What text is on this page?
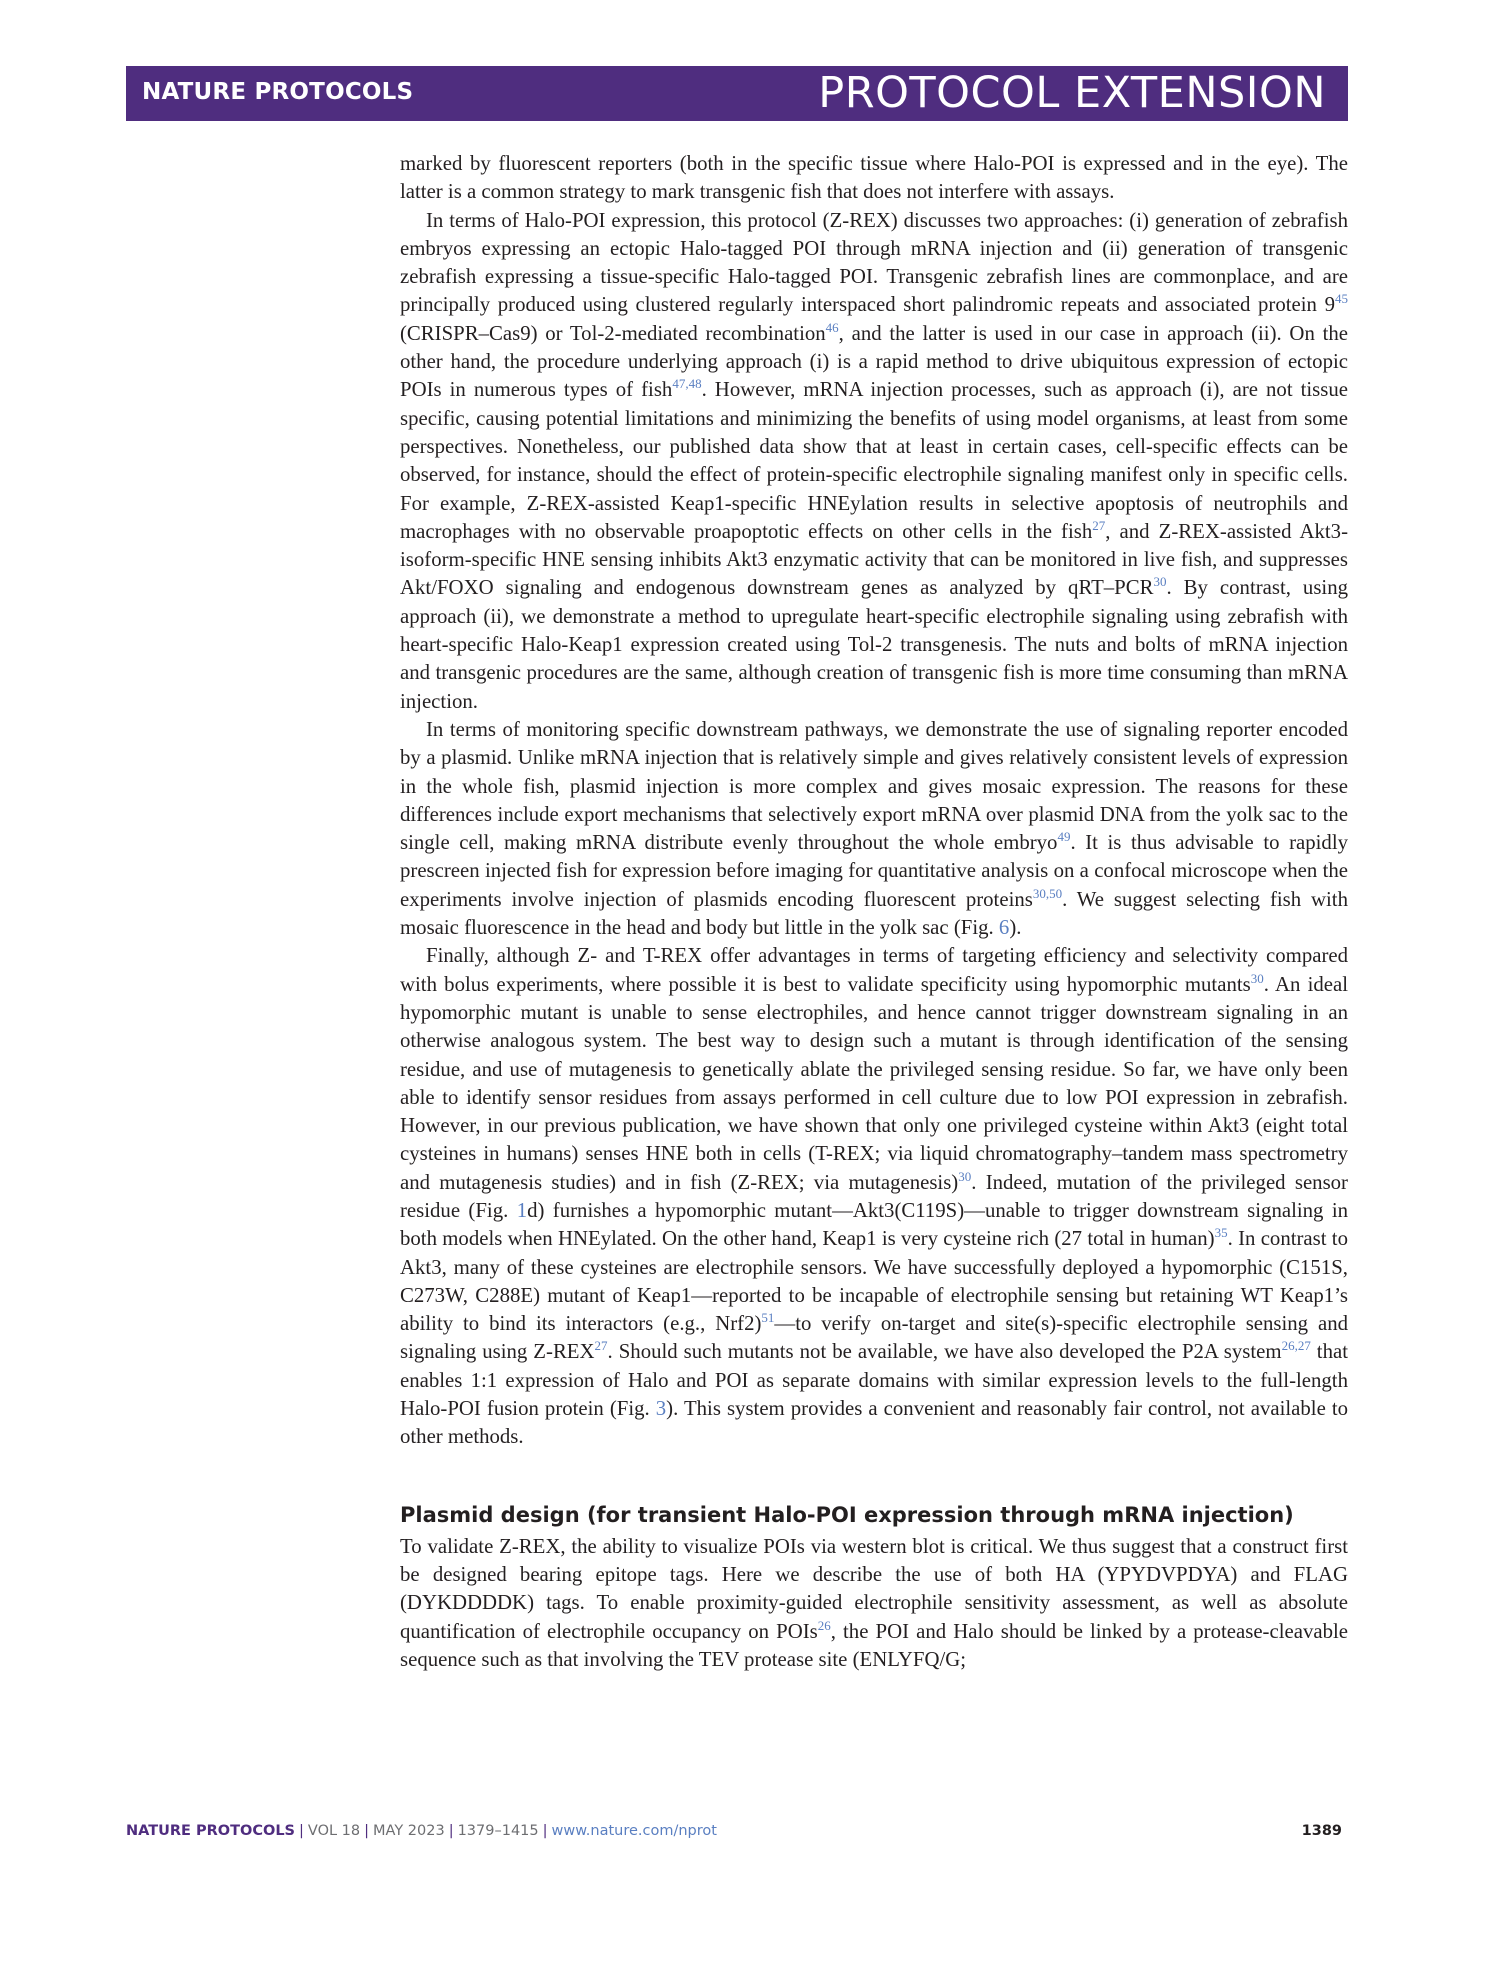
NATURE PROTOCOLS	PROTOCOL EXTENSION

marked by fluorescent reporters (both in the specific tissue where Halo-POI is expressed and in the eye). The latter is a common strategy to mark transgenic fish that does not interfere with assays.

In terms of Halo-POI expression, this protocol (Z-REX) discusses two approaches: (i) generation of zebrafish embryos expressing an ectopic Halo-tagged POI through mRNA injection and (ii) generation of transgenic zebrafish expressing a tissue-specific Halo-tagged POI. Transgenic zebrafish lines are commonplace, and are principally produced using clustered regularly interspaced short palindromic repeats and associated protein $9^{45}$ (CRISPR–Cas9) or Tol-2-mediated recombination$^{46}$, and the latter is used in our case in approach (ii). On the other hand, the procedure underlying approach (i) is a rapid method to drive ubiquitous expression of ectopic POIs in numerous types of fish$^{47,48}$. However, mRNA injection processes, such as approach (i), are not tissue specific, causing potential limitations and minimizing the benefits of using model organisms, at least from some perspectives. Nonetheless, our published data show that at least in certain cases, cell-specific effects can be observed, for instance, should the effect of protein-specific electrophile signaling manifest only in specific cells. For example, Z-REX-assisted Keap1-specific HNEylation results in selective apoptosis of neutrophils and macrophages with no observable proapoptotic effects on other cells in the fish$^{27}$, and Z-REX-assisted Akt3-isoform-specific HNE sensing inhibits Akt3 enzymatic activity that can be monitored in live fish, and suppresses Akt/FOXO signaling and endogenous downstream genes as analyzed by qRT–PCR$^{30}$. By contrast, using approach (ii), we demonstrate a method to upregulate heart-specific electrophile signaling using zebrafish with heart-specific Halo-Keap1 expression created using Tol-2 transgenesis. The nuts and bolts of mRNA injection and transgenic procedures are the same, although creation of transgenic fish is more time consuming than mRNA injection.

In terms of monitoring specific downstream pathways, we demonstrate the use of signaling reporter encoded by a plasmid. Unlike mRNA injection that is relatively simple and gives relatively consistent levels of expression in the whole fish, plasmid injection is more complex and gives mosaic expression. The reasons for these differences include export mechanisms that selectively export mRNA over plasmid DNA from the yolk sac to the single cell, making mRNA distribute evenly throughout the whole embryo$^{49}$. It is thus advisable to rapidly prescreen injected fish for expression before imaging for quantitative analysis on a confocal microscope when the experiments involve injection of plasmids encoding fluorescent proteins$^{30,50}$. We suggest selecting fish with mosaic fluorescence in the head and body but little in the yolk sac (Fig. 6).

Finally, although Z- and T-REX offer advantages in terms of targeting efficiency and selectivity compared with bolus experiments, where possible it is best to validate specificity using hypomorphic mutants$^{30}$. An ideal hypomorphic mutant is unable to sense electrophiles, and hence cannot trigger downstream signaling in an otherwise analogous system. The best way to design such a mutant is through identification of the sensing residue, and use of mutagenesis to genetically ablate the privileged sensing residue. So far, we have only been able to identify sensor residues from assays performed in cell culture due to low POI expression in zebrafish. However, in our previous publication, we have shown that only one privileged cysteine within Akt3 (eight total cysteines in humans) senses HNE both in cells (T-REX; via liquid chromatography–tandem mass spectrometry and mutagenesis studies) and in fish (Z-REX; via mutagenesis)$^{30}$. Indeed, mutation of the privileged sensor residue (Fig. 1d) furnishes a hypomorphic mutant—Akt3(C119S)—unable to trigger downstream signaling in both models when HNEylated. On the other hand, Keap1 is very cysteine rich (27 total in human)$^{35}$. In contrast to Akt3, many of these cysteines are electrophile sensors. We have successfully deployed a hypomorphic (C151S, C273W, C288E) mutant of Keap1—reported to be incapable of electrophile sensing but retaining WT Keap1’s ability to bind its interactors (e.g., Nrf2)$^{51}$—to verify on-target and site(s)-specific electrophile sensing and signaling using Z-REX$^{27}$. Should such mutants not be available, we have also developed the P2A system$^{26,27}$ that enables 1:1 expression of Halo and POI as separate domains with similar expression levels to the full-length Halo-POI fusion protein (Fig. 3). This system provides a convenient and reasonably fair control, not available to other methods.

Plasmid design (for transient Halo-POI expression through mRNA injection)

To validate Z-REX, the ability to visualize POIs via western blot is critical. We thus suggest that a construct first be designed bearing epitope tags. Here we describe the use of both HA (YPYDVPDYA) and FLAG (DYKDDDDK) tags. To enable proximity-guided electrophile sensitivity assessment, as well as absolute quantification of electrophile occupancy on POIs$^{26}$, the POI and Halo should be linked by a protease-cleavable sequence such as that involving the TEV protease site (ENLYFQ/G;

NATURE PROTOCOLS | VOL 18 | MAY 2023 | 1379–1415 | www.nature.com/nprot	1389
